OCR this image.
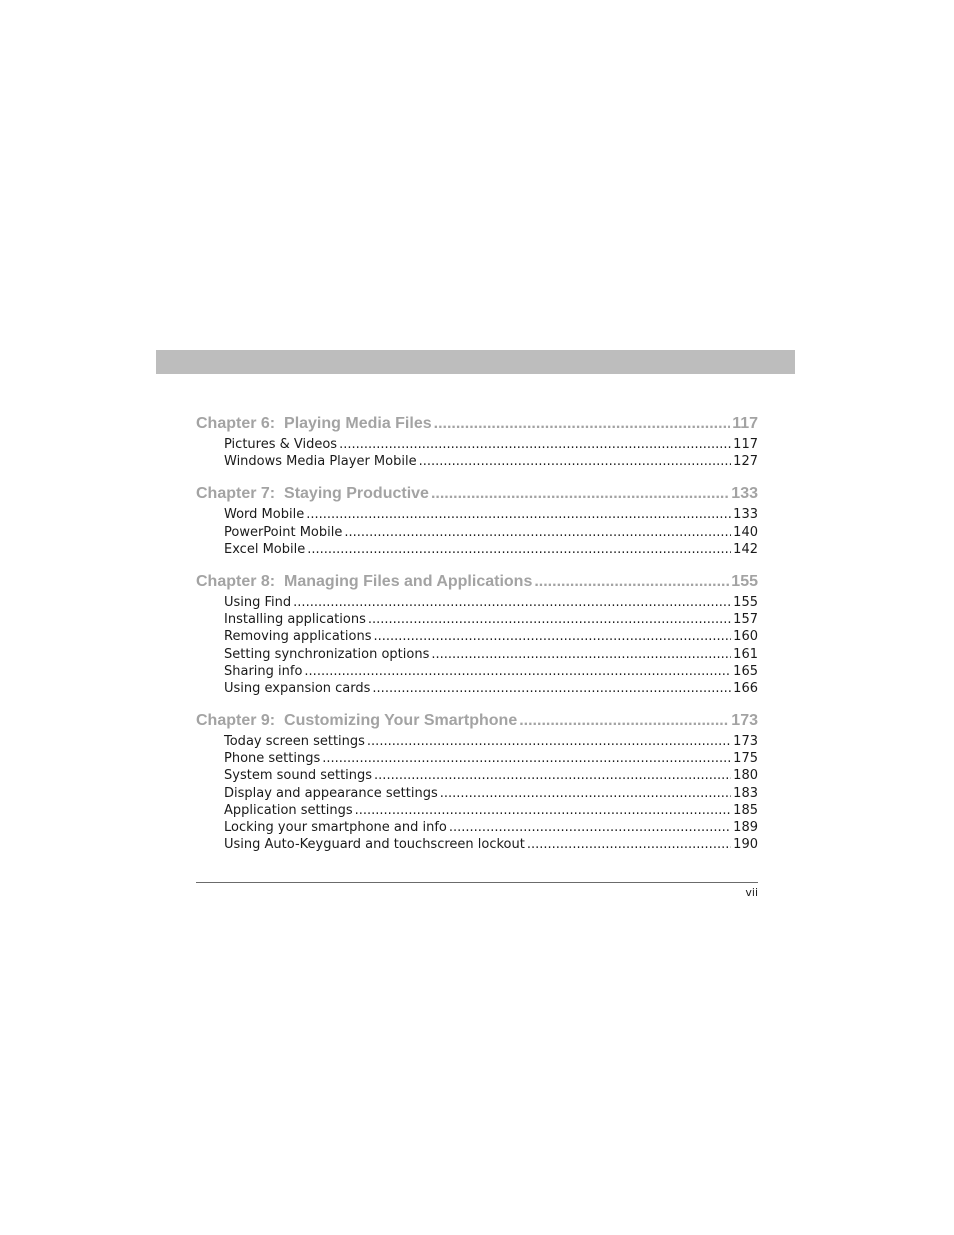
Chapter 6:  Playing Media Files .....	117
Pictures & Videos .....	117
Windows Media Player Mobile .....	127
Chapter 7:  Staying Productive .....	133
Word Mobile .....	133
PowerPoint Mobile .....	140
Excel Mobile .....	142
Chapter 8:  Managing Files and Applications .....	155
Using Find .....	155
Installing applications .....	157
Removing applications .....	160
Setting synchronization options .....	161
Sharing info .....	165
Using expansion cards .....	166
Chapter 9:  Customizing Your Smartphone .....	173
Today screen settings .....	173
Phone settings .....	175
System sound settings .....	180
Display and appearance settings .....	183
Application settings .....	185
Locking your smartphone and info .....	189
Using Auto-Keyguard and touchscreen lockout .....	190
vii
